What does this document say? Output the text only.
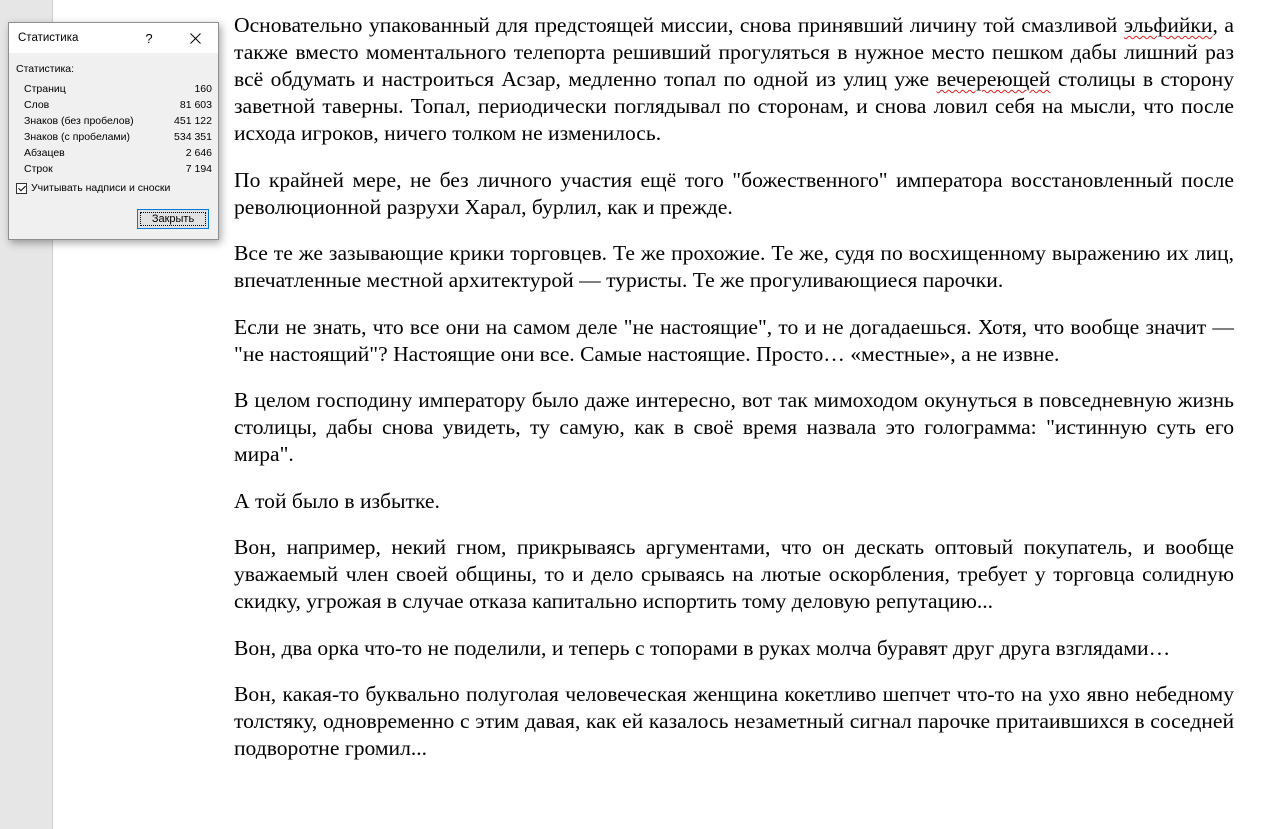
Основательно упакованный для предстоящей миссии, снова принявший личину той смазливой эльфийки, а также вместо моментального телепорта решивший прогуляться в нужное место пешком дабы лишний раз всё обдумать и настроиться Асзар, медленно топал по одной из улиц уже вечереющей столицы в сторону заветной таверны. Топал, периодически поглядывал по сторонам, и снова ловил себя на мысли, что после исхода игроков, ничего толком не изменилось.

По крайней мере, не без личного участия ещё того "божественного" императора восстановленный после революционной разрухи Харал, бурлил, как и прежде.

Все те же зазывающие крики торговцев. Те же прохожие. Те же, судя по восхищенному выражению их лиц, впечатленные местной архитектурой — туристы. Те же прогуливающиеся парочки.

Если не знать, что все они на самом деле "не настоящие", то и не догадаешься. Хотя, что вообще значит — "не настоящий"? Настоящие они все. Самые настоящие. Просто… «местные», а не извне.

В целом господину императору было даже интересно, вот так мимоходом окунуться в повседневную жизнь столицы, дабы снова увидеть, ту самую, как в своё время назвала это голограмма: "истинную суть его мира".

А той было в избытке.

Вон, например, некий гном, прикрываясь аргументами, что он дескать оптовый покупатель, и вообще уважаемый член своей общины, то и дело срываясь на лютые оскорбления, требует у торговца солидную скидку, угрожая в случае отказа капитально испортить тому деловую репутацию...

Вон, два орка что-то не поделили, и теперь с топорами в руках молча буравят друг друга взглядами…

Вон, какая-то буквально полуголая человеческая женщина кокетливо шепчет что-то на ухо явно небедному толстяку, одновременно с этим давая, как ей казалось незаметный сигнал парочке притаившихся в соседней подворотне громил...

Статистика	?
Статистика:
Страниц	160
Слов	81 603
Знаков (без пробелов)	451 122
Знаков (с пробелами)	534 351
Абзацев	2 646
Строк	7 194
Учитывать надписи и сноски
Закрыть
